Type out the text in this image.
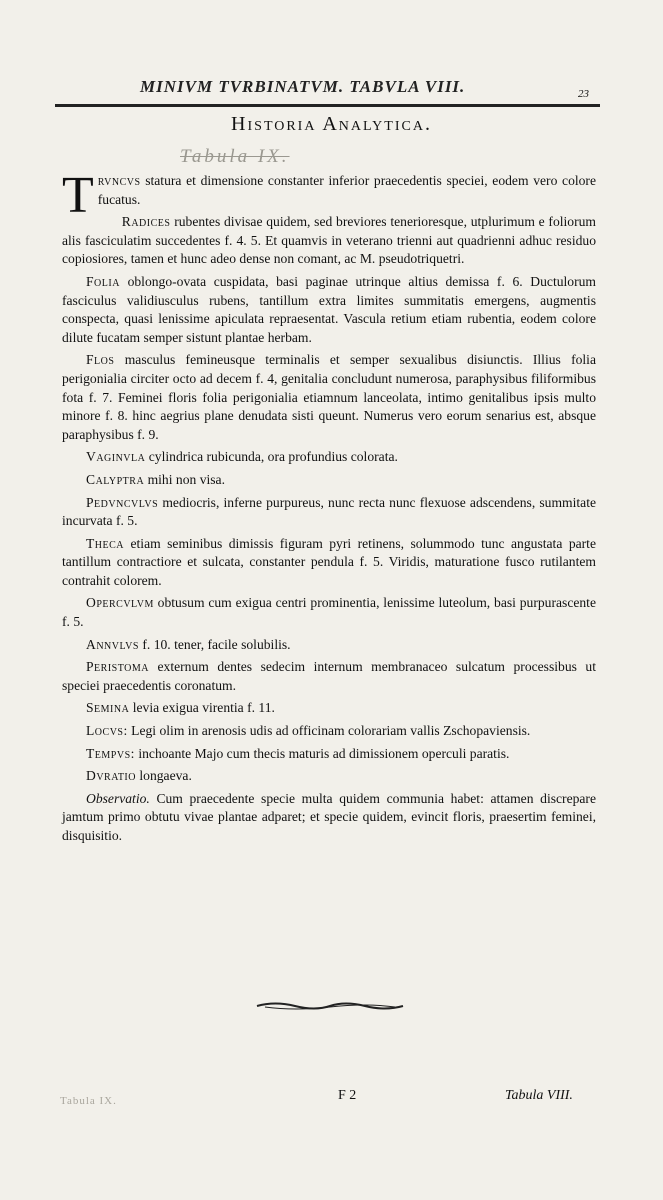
MINIVM TVRBINATVM. TABVLA VIII.	23
Historia Analytica.
Tabula IX.

Trvncvs statura et dimensione constanter inferior praecedentis speciei, eodem vero colore fucatus.

Radices rubentes divisae quidem, sed breviores tenerioresque, utplurimum e foliorum alis fasciculatim succedentes f. 4. 5. Et quamvis in veterano trienni aut quadrienni adhuc residuo copiosiores, tamen et hunc adeo dense non comant, ac M. pseudotriquetri.

Folia oblongo-ovata cuspidata, basi paginae utrinque altius demissa f. 6. Ductulorum fasciculus validiusculus rubens, tantillum extra limites summitatis emergens, augmentis conspecta, quasi lenissime apiculata repraesentat. Vascula retium etiam rubentia, eodem colore dilute fucatam semper sistunt plantae herbam.

Flos masculus femineusque terminalis et semper sexualibus disiunctis. Illius folia perigonialia circiter octo ad decem f. 4, genitalia concludunt numerosa, paraphysibus filiformibus fota f. 7. Feminei floris folia perigonialia etiamnum lanceolata, intimo genitalibus ipsis multo minore f. 8. hinc aegrius plane denudata sisti queunt. Numerus vero eorum senarius est, absque paraphysibus f. 9.

Vaginvla cylindrica rubicunda, ora profundius colorata.

Calyptra mihi non visa.

Pedvncvlvs mediocris, inferne purpureus, nunc recta nunc flexuose adscendens, summitate incurvata f. 5.

Theca etiam seminibus dimissis figuram pyri retinens, solummodo tunc angustata parte tantillum contractiore et sulcata, constanter pendula f. 5. Viridis, maturatione fusco rutilantem contrahit colorem.

Opercvlvm obtusum cum exigua centri prominentia, lenissime luteolum, basi purpurascente f. 5.

Annvlvs f. 10. tener, facile solubilis.

Peristoma externum dentes sedecim internum membranaceo sulcatum processibus ut speciei praecedentis coronatum.

Semina levia exigua virentia f. 11.

Locvs: Legi olim in arenosis udis ad officinam colorariam vallis Zschopaviensis.

Tempvs: inchoante Majo cum thecis maturis ad dimissionem operculi paratis.

Dvratio longaeva.

Observatio. Cum praecedente specie multa quidem communia habet: attamen discrepare jamtum primo obtutu vivae plantae adparet; et specie quidem, evincit floris, praesertim feminei, disquisitio.

Tabula IX.	F 2	Tabula VIII.
